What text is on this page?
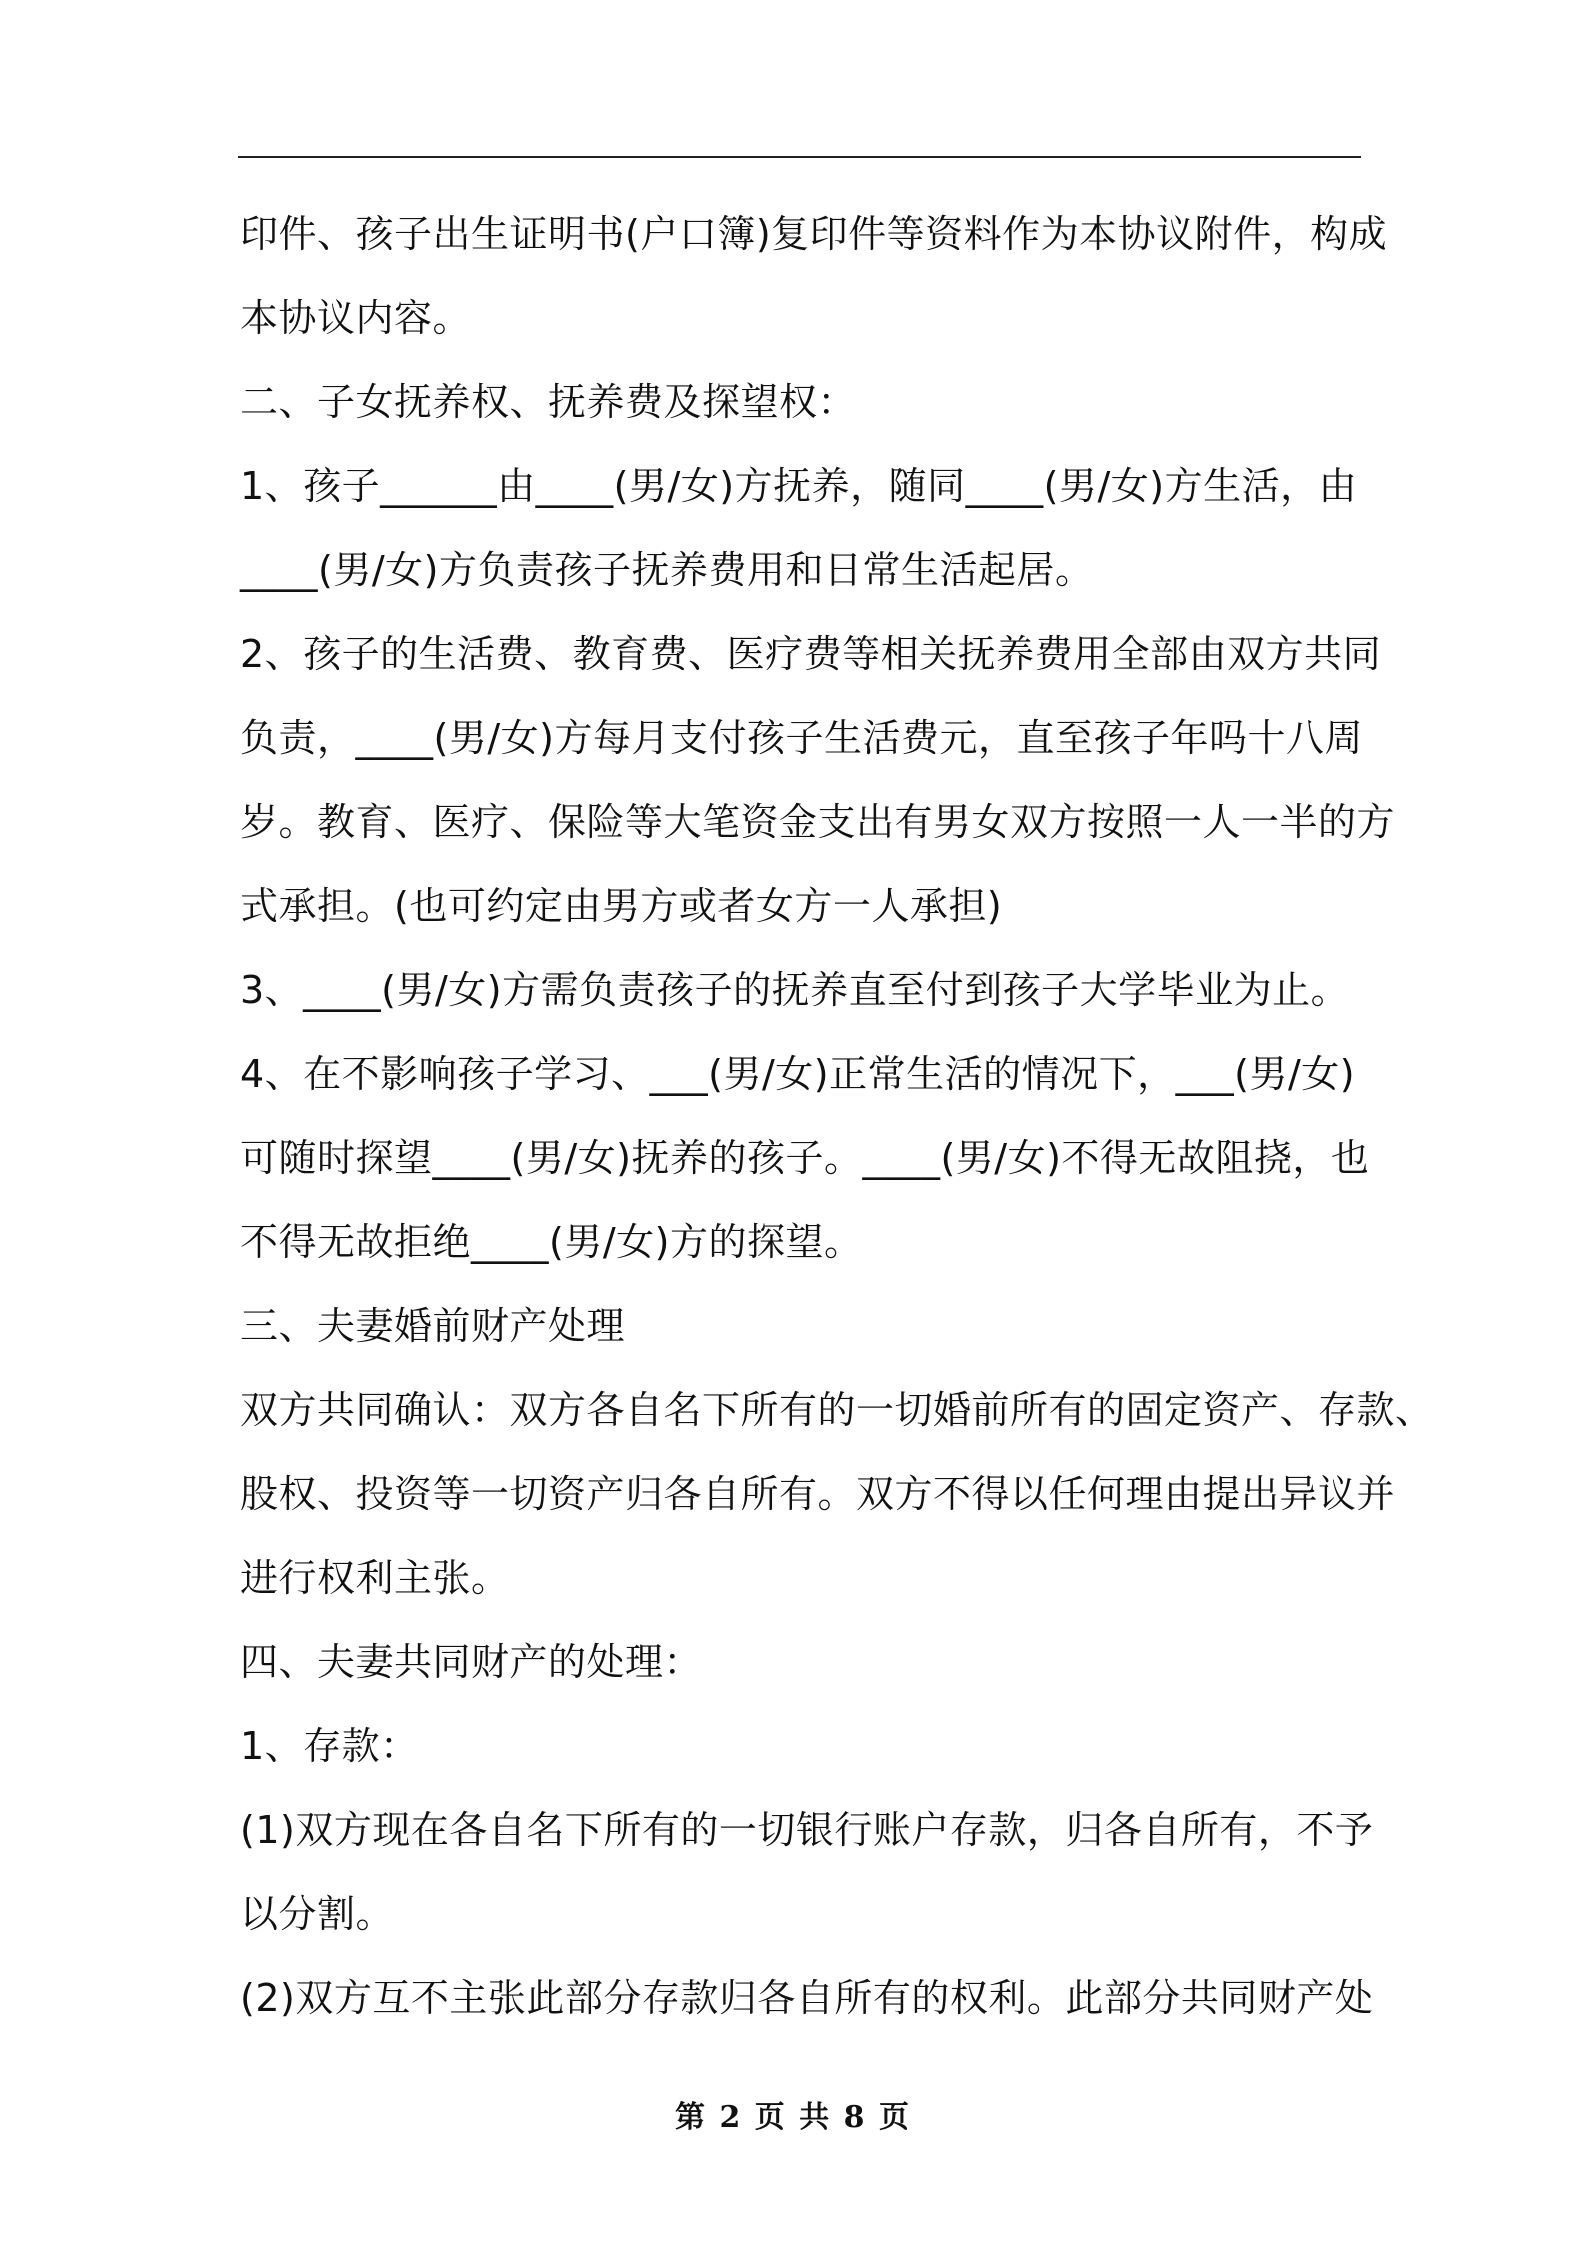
印件、孩子出生证明书(户口簿)复印件等资料作为本协议附件，构成
本协议内容。
二、子女抚养权、抚养费及探望权：
1、孩子______由____(男/女)方抚养，随同____(男/女)方生活，由
____(男/女)方负责孩子抚养费用和日常生活起居。
2、孩子的生活费、教育费、医疗费等相关抚养费用全部由双方共同
负责，____(男/女)方每月支付孩子生活费元，直至孩子年吗十八周
岁。教育、医疗、保险等大笔资金支出有男女双方按照一人一半的方
式承担。(也可约定由男方或者女方一人承担)
3、____(男/女)方需负责孩子的抚养直至付到孩子大学毕业为止。
4、在不影响孩子学习、___(男/女)正常生活的情况下，___(男/女)
可随时探望____(男/女)抚养的孩子。____(男/女)不得无故阻挠，也
不得无故拒绝____(男/女)方的探望。
三、夫妻婚前财产处理
双方共同确认：双方各自名下所有的一切婚前所有的固定资产、存款、
股权、投资等一切资产归各自所有。双方不得以任何理由提出异议并
进行权利主张。
四、夫妻共同财产的处理：
1、存款：
(1)双方现在各自名下所有的一切银行账户存款，归各自所有，不予
以分割。
(2)双方互不主张此部分存款归各自所有的权利。此部分共同财产处
第 2 页 共 8 页
